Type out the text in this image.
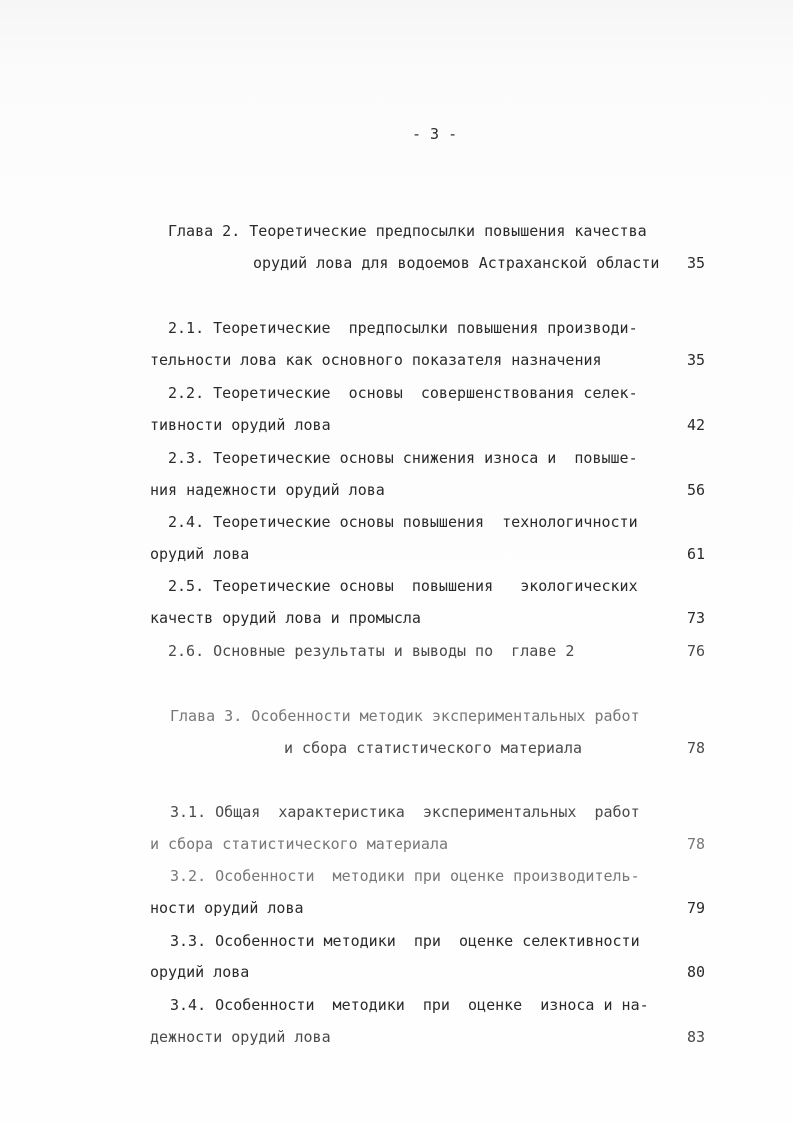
- 3 -
Глава 2. Теоретические предпосылки повышения качества
орудий лова для водоемов Астраханской области 35
2.1. Теоретические  предпосылки повышения производи-
тельности лова как основного показателя назначения	35
2.2. Теоретические  основы  совершенствования селек-
тивности орудий лова	42
2.3. Теоретические основы снижения износа и  повыше-
ния надежности орудий лова	56
2.4. Теоретические основы повышения  технологичности
орудий лова	61
2.5. Теоретические основы  повышения   экологических
качеств орудий лова и промысла	73
2.6. Основные результаты и выводы по  главе 2	76
Глава 3. Особенности методик экспериментальных работ
и сбора статистического материала	78
3.1. Общая  характеристика  экспериментальных  работ
и сбора статистического материала	78
3.2. Особенности  методики при оценке производитель-
ности орудий лова	79
3.3. Особенности методики  при  оценке селективности
орудий лова	80
3.4. Особенности  методики  при  оценке  износа и на-
дежности орудий лова	83
